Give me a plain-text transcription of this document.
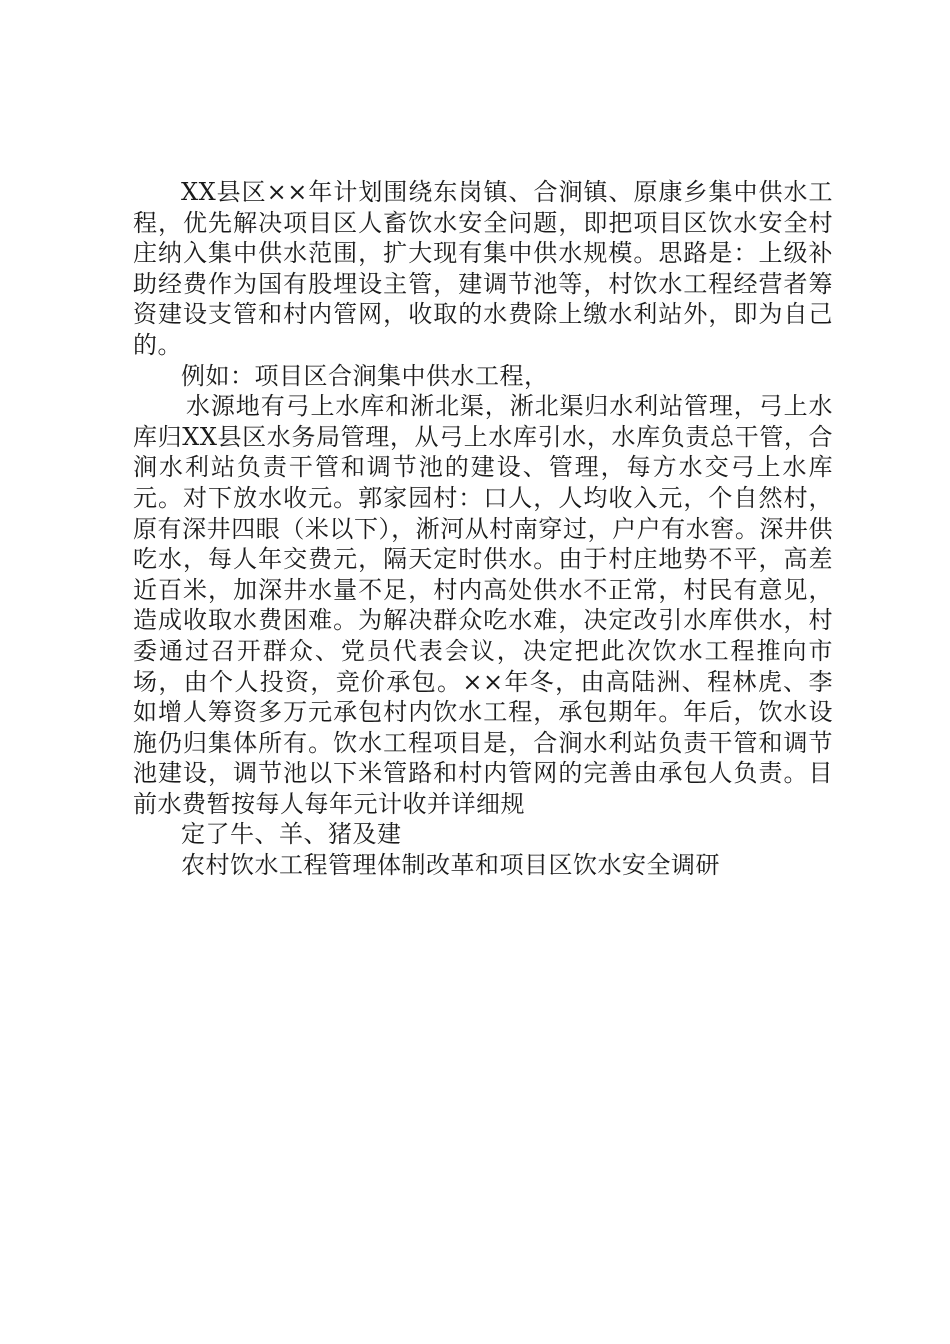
XX县区××年计划围绕东岗镇、合涧镇、原康乡集中供水工程，优先解决项目区人畜饮水安全问题，即把项目区饮水安全村庄纳入集中供水范围，扩大现有集中供水规模。思路是：上级补助经费作为国有股埋设主管，建调节池等，村饮水工程经营者筹资建设支管和村内管网，收取的水费除上缴水利站外，即为自己的。

例如：项目区合涧集中供水工程，

水源地有弓上水库和淅北渠，淅北渠归水利站管理，弓上水库归XX县区水务局管理，从弓上水库引水，水库负责总干管，合涧水利站负责干管和调节池的建设、管理，每方水交弓上水库元。对下放水收元。郭家园村：口人，人均收入元，个自然村，原有深井四眼（米以下），淅河从村南穿过，户户有水窖。深井供吃水，每人年交费元，隔天定时供水。由于村庄地势不平，高差近百米，加深井水量不足，村内高处供水不正常，村民有意见，造成收取水费困难。为解决群众吃水难，决定改引水库供水，村委通过召开群众、党员代表会议，决定把此次饮水工程推向市场，由个人投资，竞价承包。××年冬，由高陆洲、程林虎、李如增人筹资多万元承包村内饮水工程，承包期年。年后，饮水设施仍归集体所有。饮水工程项目是，合涧水利站负责干管和调节池建设，调节池以下米管路和村内管网的完善由承包人负责。目前水费暂按每人每年元计收并详细规

定了牛、羊、猪及建

农村饮水工程管理体制改革和项目区饮水安全调研
